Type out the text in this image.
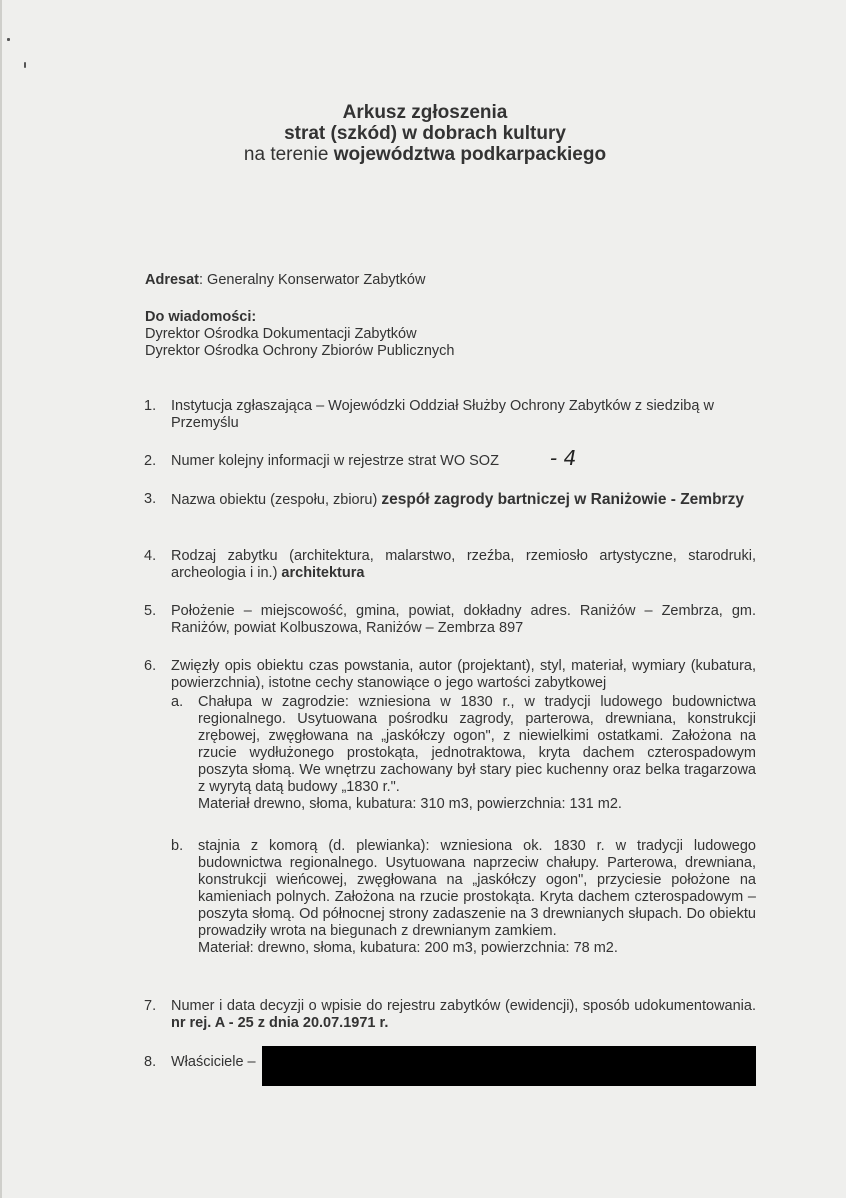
Arkusz zgłoszenia
strat (szkód) w dobrach kultury
na terenie województwa podkarpackiego
Adresat: Generalny Konserwator Zabytków
Do wiadomości:
Dyrektor Ośrodka Dokumentacji Zabytków
Dyrektor Ośrodka Ochrony Zbiorów Publicznych
1.	Instytucja zgłaszająca – Wojewódzki Oddział Służby Ochrony Zabytków z siedzibą w Przemyślu
2.	Numer kolejny informacji w rejestrze strat WO SOZ	- 4
3.	Nazwa obiektu (zespołu, zbioru) zespół zagrody bartniczej w Raniżowie - Zembrzy
4.	Rodzaj zabytku (architektura, malarstwo, rzeźba, rzemiosło artystyczne, starodruki, archeologia i in.) architektura
5.	Położenie – miejscowość, gmina, powiat, dokładny adres. Raniżów – Zembrza, gm. Raniżów, powiat Kolbuszowa, Raniżów – Zembrza 897
6.	Zwięzły opis obiektu czas powstania, autor (projektant), styl, materiał, wymiary (kubatura, powierzchnia), istotne cechy stanowiące o jego wartości zabytkowej
a.	Chałupa w zagrodzie: wzniesiona w 1830 r., w tradycji ludowego budownictwa regionalnego. Usytuowana pośrodku zagrody, parterowa, drewniana, konstrukcji zrębowej, zwęgłowana na „jaskółczy ogon", z niewielkimi ostatkami. Założona na rzucie wydłużonego prostokąta, jednotraktowa, kryta dachem czterospadowym poszyta słomą. We wnętrzu zachowany był stary piec kuchenny oraz belka tragarzowa z wyrytą datą budowy „1830 r.".
Materiał drewno, słoma, kubatura: 310 m3, powierzchnia: 131 m2.
b.	stajnia z komorą (d. plewianka): wzniesiona ok. 1830 r. w tradycji ludowego budownictwa regionalnego. Usytuowana naprzeciw chałupy. Parterowa, drewniana, konstrukcji wieńcowej, zwęgłowana na „jaskółczy ogon", przyciesie położone na kamieniach polnych. Założona na rzucie prostokąta. Kryta dachem czterospadowym – poszyta słomą. Od północnej strony zadaszenie na 3 drewnianych słupach. Do obiektu prowadziły wrota na biegunach z drewnianym zamkiem.
Materiał: drewno, słoma, kubatura: 200 m3, powierzchnia: 78 m2.
7.	Numer i data decyzji o wpisie do rejestru zabytków (ewidencji), sposób udokumentowania. nr rej. A - 25 z dnia 20.07.1971 r.
8.	Właściciele –
